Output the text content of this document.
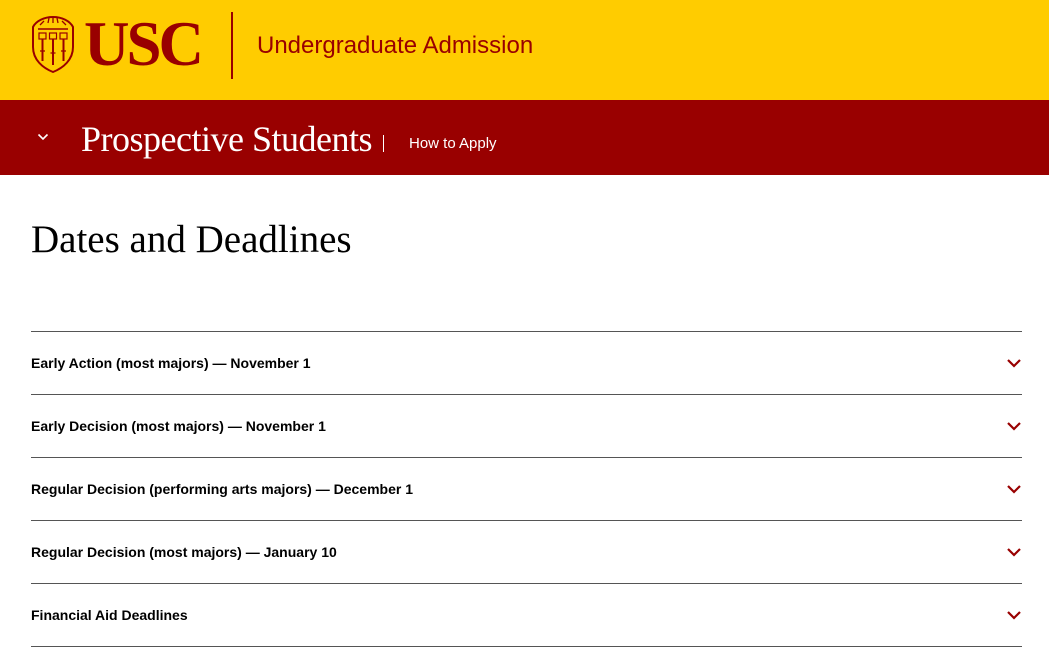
USC Undergraduate Admission
Prospective Students How to Apply
Dates and Deadlines
Early Action (most majors) — November 1
Early Decision (most majors) — November 1
Regular Decision (performing arts majors) — December 1
Regular Decision (most majors) — January 10
Financial Aid Deadlines
